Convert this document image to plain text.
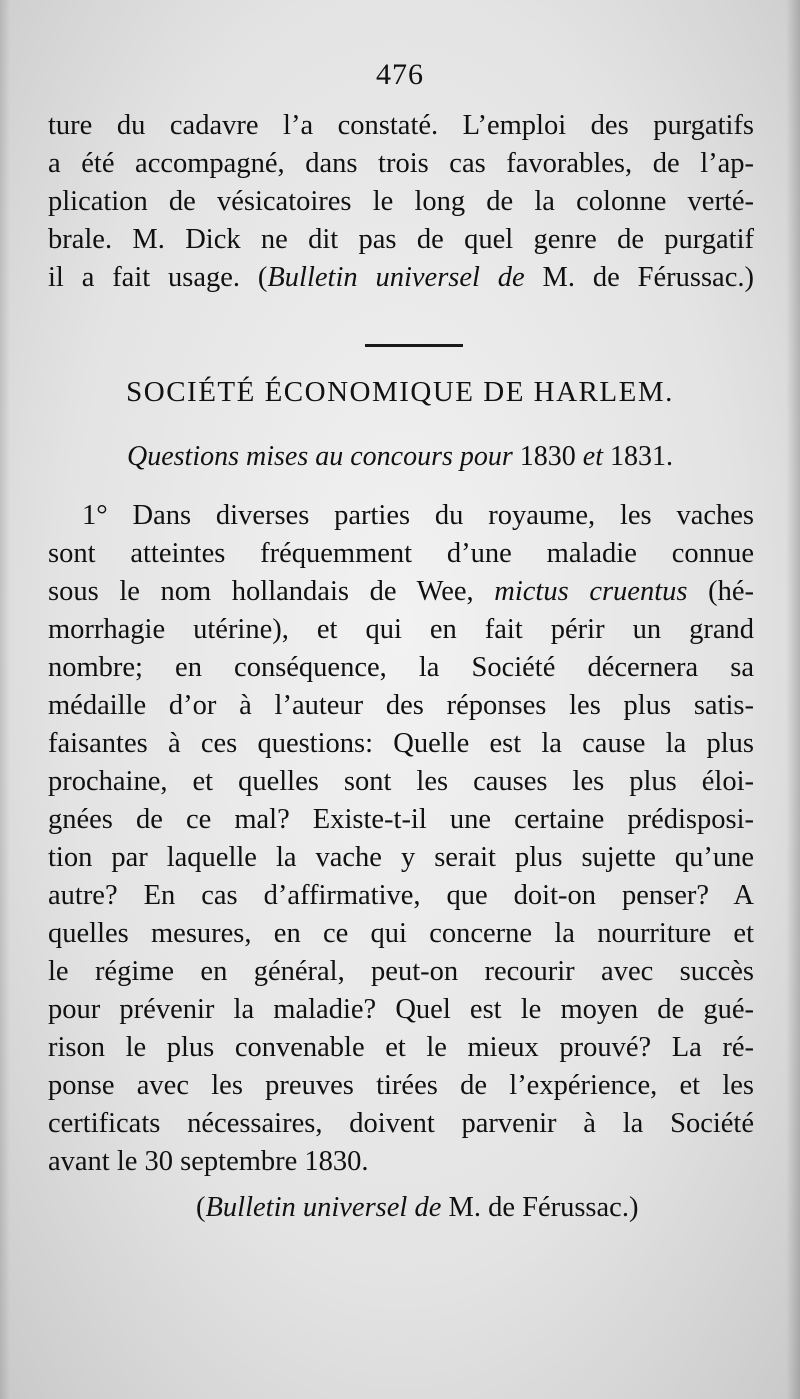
476
ture du cadavre l’a constaté. L’emploi des purgatifs
a été accompagné, dans trois cas favorables, de l’ap-
plication de vésicatoires le long de la colonne verté-
brale. M. Dick ne dit pas de quel genre de purgatif
il a fait usage. (Bulletin universel de M. de Férussac.)
SOCIÉTÉ ÉCONOMIQUE DE HARLEM.
Questions mises au concours pour 1830 et 1831.
1° Dans diverses parties du royaume, les vaches
sont atteintes fréquemment d’une maladie connue
sous le nom hollandais de Wee, mictus cruentus (hé-
morrhagie utérine), et qui en fait périr un grand
nombre; en conséquence, la Société décernera sa
médaille d’or à l’auteur des réponses les plus satis-
faisantes à ces questions: Quelle est la cause la plus
prochaine, et quelles sont les causes les plus éloi-
gnées de ce mal? Existe-t-il une certaine prédisposi-
tion par laquelle la vache y serait plus sujette qu’une
autre? En cas d’affirmative, que doit-on penser? A
quelles mesures, en ce qui concerne la nourriture et
le régime en général, peut-on recourir avec succès
pour prévenir la maladie? Quel est le moyen de gué-
rison le plus convenable et le mieux prouvé? La ré-
ponse avec les preuves tirées de l’expérience, et les
certificats nécessaires, doivent parvenir à la Société
avant le 30 septembre 1830.
(Bulletin universel de M. de Férussac.)
